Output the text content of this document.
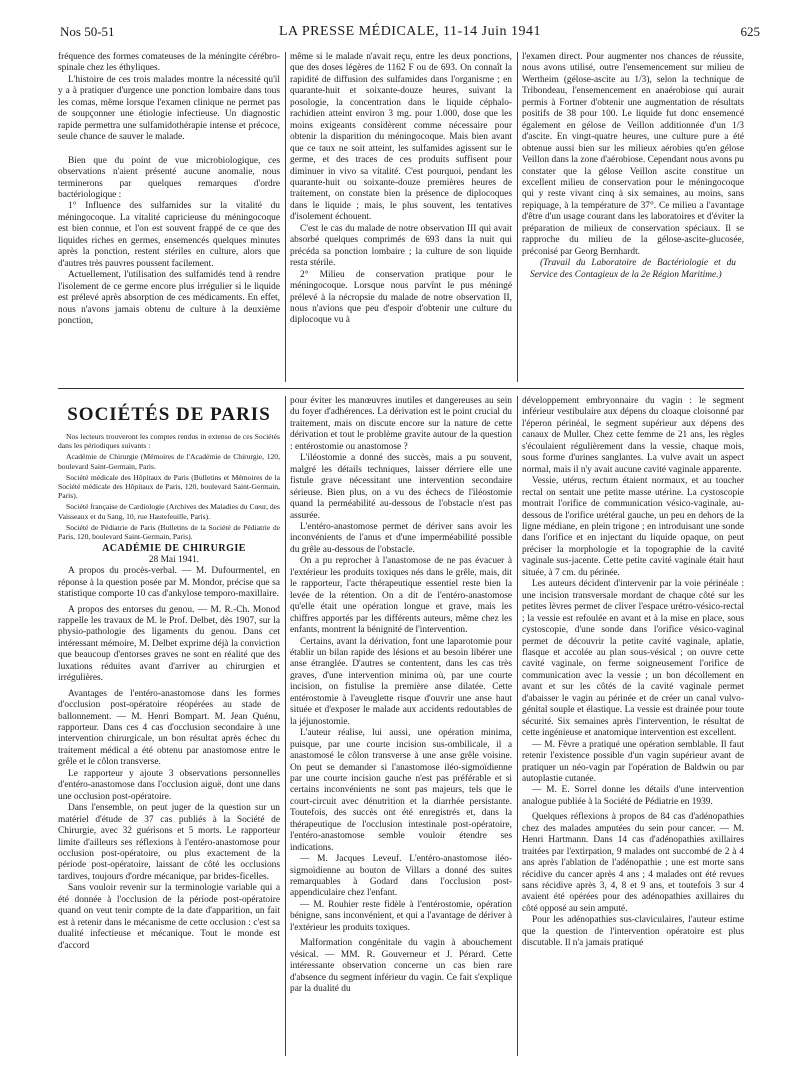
Nos 50-51	LA PRESSE MÉDICALE, 11-14 Juin 1941	625

fréquence des formes comateuses de la méningite cérébro-spinale chez les éthyliques.

L'histoire de ces trois malades montre la nécessité qu'il y a à pratiquer d'urgence une ponction lombaire dans tous les comas, même lorsque l'examen clinique ne permet pas de soupçonner une étiologie infectieuse. Un diagnostic rapide permettra une sulfamidothérapie intense et précoce, seule chance de sauver le malade.

Bien que du point de vue microbiologique, ces observations n'aient présenté aucune anomalie, nous terminerons par quelques remarques d'ordre bactériologique :

1° Influence des sulfamides sur la vitalité du méningocoque. La vitalité capricieuse du méningocoque est bien connue, et l'on est souvent frappé de ce que des liquides riches en germes, ensemencés quelques minutes après la ponction, restent stériles en culture, alors que d'autres très pauvres poussent facilement.

Actuellement, l'utilisation des sulfamidés tend à rendre l'isolement de ce germe encore plus irrégulier si le liquide est prélevé après absorption de ces médicaments. En effet, nous n'avons jamais obtenu de culture à la deuxième ponction,

même si le malade n'avait reçu, entre les deux ponctions, que des doses légères de 1162 F ou de 693. On connaît la rapidité de diffusion des sulfamides dans l'organisme ; en quarante-huit et soixante-douze heures, suivant la posologie, la concentration dans le liquide céphalo-rachidien atteint environ 3 mg. pour 1.000, dose que les moins exigeants considèrent comme nécessaire pour obtenir la disparition du méningocoque. Mais bien avant que ce taux ne soit atteint, les sulfamides agissent sur le germe, et des traces de ces produits suffisent pour diminuer in vivo sa vitalité. C'est pourquoi, pendant les quarante-huit ou soixante-douze premières heures de traitement, on constate bien la présence de diplocoques dans le liquide ; mais, le plus souvent, les tentatives d'isolement échouent.

C'est le cas du malade de notre observation III qui avait absorbé quelques comprimés de 693 dans la nuit qui précéda sa ponction lombaire ; la culture de son liquide resta stérile.

2° Milieu de conservation pratique pour le méningocoque. Lorsque nous parvînt le pus méningé prélevé à la nécropsie du malade de notre observation II, nous n'avions que peu d'espoir d'obtenir une culture du diplocoque vu à

l'examen direct. Pour augmenter nos chances de réussite, nous avons utilisé, outre l'ensemencement sur milieu de Wertheim (gélose-ascite au 1/3), selon la technique de Tribondeau, l'ensemencement en anaérobiose qui aurait permis à Fortner d'obtenir une augmentation de résultats positifs de 38 pour 100. Le liquide fut donc ensemencé également en gélose de Veillon additionnée d'un 1/3 d'ascite. En vingt-quatre heures, une culture pure a été obtenue aussi bien sur les milieux aérobies qu'en gélose Veillon dans la zone d'aérobiose. Cependant nous avons pu constater que la gélose Veillon ascite constitue un excellent milieu de conservation pour le méningocoque qui y reste vivant cinq à six semaines, au moins, sans repiquage, à la température de 37°. Ce milieu a l'avantage d'être d'un usage courant dans les laboratoires et d'éviter la préparation de milieux de conservation spéciaux. Il se rapproche du milieu de la gélose-ascite-glucosée, préconisé par Georg Bernhardt.

(Travail du Laboratoire de Bactériologie et du Service des Contagieux de la 2e Région Maritime.)

SOCIÉTÉS DE PARIS

Nos lecteurs trouveront les comptes rendus in extenso de ces Sociétés dans les périodiques suivants :

Académie de Chirurgie (Mémoires de l'Académie de Chirurgie, 120, boulevard Saint-Germain, Paris.

Société médicale des Hôpitaux de Paris (Bulletins et Mémoires de la Société médicale des Hôpitaux de Paris, 120, boulevard Saint-Germain, Paris).

Société française de Cardiologie (Archives des Maladies du Cœur, des Vaisseaux et du Sang, 10, rue Hautefeuille, Paris).

Société de Pédiatrie de Paris (Bulletins de la Société de Pédiatrie de Paris, 120, boulevard Saint-Germain, Paris).

ACADÉMIE DE CHIRURGIE

28 Mai 1941.

A propos du procès-verbal. — M. Dufourmentel, en réponse à la question posée par M. Mondor, précise que sa statistique comporte 10 cas d'ankylose temporo-maxillaire.

A propos des entorses du genou. — M. R.-Ch. Monod rappelle les travaux de M. le Prof. Delbet, dès 1907, sur la physio-pathologie des ligaments du genou. Dans cet intéressant mémoire, M. Delbet exprime déjà la conviction que beaucoup d'entorses graves ne sont en réalité que des luxations réduites avant d'arriver au chirurgien et irrégulières.

Avantages de l'entéro-anastomose dans les formes d'occlusion post-opératoire réopérées au stade de ballonnement. — M. Henri Bompart. M. Jean Quénu, rapporteur. Dans ces 4 cas d'occlusion secondaire à une intervention chirurgicale, un bon résultat après échec du traitement médical a été obtenu par anastomose entre le grêle et le côlon transverse.

Le rapporteur y ajoute 3 observations personnelles d'entéro-anastomose dans l'occlusion aiguë, dont une dans une occlusion post-opératoire.

Dans l'ensemble, on peut juger de la question sur un matériel d'étude de 37 cas publiés à la Société de Chirurgie, avec 32 guérisons et 5 morts. Le rapporteur limite d'ailleurs ses réflexions à l'entéro-anastomose pour occlusion post-opératoire, ou plus exactement de la période post-opératoire, laissant de côté les occlusions tardives, toujours d'ordre mécanique, par brides-ficelles.

Sans vouloir revenir sur la terminologie variable qui a été donnée à l'occlusion de la période post-opératoire quand on veut tenir compte de la date d'apparition, un fait est à retenir dans le mécanisme de cette occlusion : c'est sa dualité infectieuse et mécanique. Tout le monde est d'accord

pour éviter les manœuvres inutiles et dangereuses au sein du foyer d'adhérences. La dérivation est le point crucial du traitement, mais on discute encore sur la nature de cette dérivation et tout le problème gravite autour de la question : entérostomie ou anastomose ?

L'iléostomie a donné des succès, mais a pu souvent, malgré les détails techniques, laisser dérriere elle une fistule grave nécessitant une intervention secondaire sérieuse. Bien plus, on a vu des échecs de l'iléostomie quand la perméabilité au-dessous de l'obstacle n'est pas assurée.

L'entéro-anastomose permet de dériver sans avoir les inconvénients de l'anus et d'une imperméabilité possible du grêle au-dessous de l'obstacle.

On a pu reprocher à l'anastomose de ne pas évacuer à l'extérieur les produits toxiques nés dans le grêle, mais, dit le rapporteur, l'acte thérapeutique essentiel reste bien la levée de la rétention. On a dit de l'entéro-anastomose qu'elle était une opération longue et grave, mais les chiffres apportés par les différents auteurs, même chez les enfants, montrent la bénignité de l'intervention.

Certains, avant la dérivation, font une laparotomie pour établir un bilan rapide des lésions et au besoin libérer une anse étranglée. D'autres se contentent, dans les cas très graves, d'une intervention minima où, par une courte incision, on fistulise la première anse dilatée. Cette entérostomie à l'aveuglette risque d'ouvrir une anse haut située et d'exposer le malade aux accidents redoutables de la jéjunostomie.

L'auteur réalise, lui aussi, une opération minima, puisque, par une courte incision sus-ombilicale, il a anastomosé le côlon transverse à une anse grêle voisine. On peut se demander si l'anastomose iléo-sigmoïdienne par une courte incision gauche n'est pas préférable et si certains inconvénients ne sont pas majeurs, tels que le court-circuit avec dénutrition et la diarrhée persistante. Toutefois, des succès ont été enregistrés et, dans la thérapeutique de l'occlusion intestinale post-opératoire, l'entéro-anastomose semble vouloir étendre ses indications.

— M. Jacques Leveuf. L'entéro-anastomose iléo-sigmoïdienne au bouton de Villars a donné des suites remarquables à Godard dans l'occlusion post-appendiculaire chez l'enfant.

— M. Rouhier reste fidèle à l'entérostomie, opération bénigne, sans inconvénient, et qui a l'avantage de dériver à l'extérieur les produits toxiques.

Malformation congénitale du vagin à abouchement vésical. — MM. R. Gouverneur et J. Pérard. Cette intéressante observation concerne un cas bien rare d'absence du segment inférieur du vagin. Ce fait s'explique par la dualité du

développement embryonnaire du vagin : le segment inférieur vestibulaire aux dépens du cloaque cloisonné par l'éperon périnéal, le segment supérieur aux dépens des canaux de Muller. Chez cette femme de 21 ans, les règles s'écoulaient régulièrement dans la vessie, chaque mois, sous forme d'urines sanglantes. La vulve avait un aspect normal, mais il n'y avait aucune cavité vaginale apparente.

Vessie, utérus, rectum étaient normaux, et au toucher rectal on sentait une petite masse utérine. La cystoscopie montrait l'orifice de communication vésico-vaginale, au-dessous de l'orifice urétéral gauche, un peu en dehors de la ligne médiane, en plein trigone ; en introduisant une sonde dans l'orifice et en injectant du liquide opaque, on peut préciser la morphologie et la topographie de la cavité vaginale sus-jacente. Cette petite cavité vaginale était haut située, à 7 cm. du périnée.

Les auteurs décident d'intervenir par la voie périnéale : une incision transversale mordant de chaque côté sur les petites lèvres permet de cliver l'espace urétro-vésico-rectal ; la vessie est refoulée en avant et à la mise en place, sous cystoscopie, d'une sonde dans l'orifice vésico-vaginal permet de découvrir la petite cavité vaginale, aplatie, flasque et accolée au plan sous-vésical ; on ouvre cette cavité vaginale, on ferme soigneusement l'orifice de communication avec la vessie ; un bon décollement en avant et sur les côtés de la cavité vaginale permet d'abaisser le vagin au périnée et de créer un canal vulvo-génital souple et élastique. La vessie est drainée pour toute sécurité. Six semaines après l'intervention, le résultat de cette ingénieuse et anatomique intervention est excellent.

— M. Fèvre a pratiqué une opération semblable. Il faut retenir l'existence possible d'un vagin supérieur avant de pratiquer un néo-vagin par l'opération de Baldwin ou par autoplastie cutanée.

— M. E. Sorrel donne les détails d'une intervention analogue publiée à la Société de Pédiatrie en 1939.

Quelques réflexions à propos de 84 cas d'adénopathies chez des malades amputées du sein pour cancer. — M. Henri Hartmann. Dans 14 cas d'adénopathies axillaires traitées par l'extirpation, 9 malades ont succombé de 2 à 4 ans après l'ablation de l'adénopathie ; une est morte sans récidive du cancer après 4 ans ; 4 malades ont été revues sans récidive après 3, 4, 8 et 9 ans, et toutefois 3 sur 4 avaient été opérées pour des adénopathies axillaires du côté opposé au sein amputé.

Pour les adénopathies sus-claviculaires, l'auteur estime que la question de l'intervention opératoire est plus discutable. Il n'a jamais pratiqué
